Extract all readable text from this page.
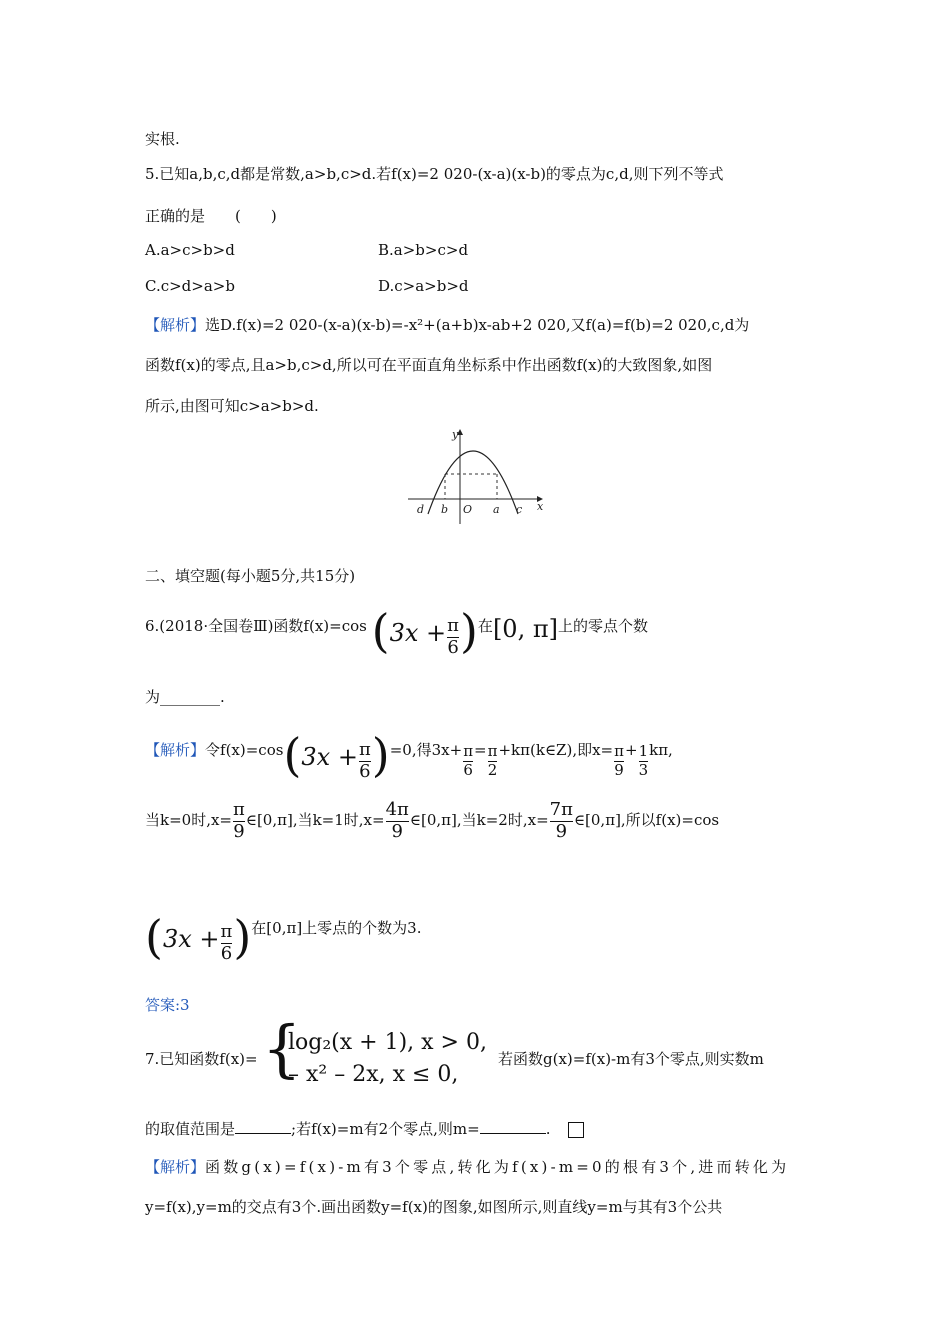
实根.
5.已知a,b,c,d都是常数,a>b,c>d.若f(x)=2 020-(x-a)(x-b)的零点为c,d,则下列不等式
正确的是　　(　　)
A.a>c>b>d	B.a>b>c>d
C.c>d>a>b	D.c>a>b>d
【解析】选D.f(x)=2 020-(x-a)(x-b)=-x²+(a+b)x-ab+2 020,又f(a)=f(b)=2 020,c,d为
函数f(x)的零点,且a>b,c>d,所以可在平面直角坐标系中作出函数f(x)的大致图象,如图
所示,由图可知c>a>b>d.
y
x
d b O a c
二、填空题(每小题5分,共15分)
6.(2018·全国卷Ⅲ)函数f(x)=cos ($3x + \frac{\pi}{6}$ )在[0, π]上的零点个数
为________.
【解析】令$f(x)=\cos(3x + \frac{\pi}{6} )=0$,得$3x+ \frac{\pi}{6} = \frac{\pi}{2}$ +kπ(k∈Z),即$x= \frac{\pi}{9} + \frac{1}{3} k\pi$,
当k=0时$,x= \frac{\pi}{9}$ ∈[0,π],当k=1时$,x= \frac{4\pi}{9}$ ∈[0,π],当k=2时$,x= \frac{7\pi}{9}$ ∈[0,π],所以f(x)=cos
($3x + \frac{\pi}{6}$ )在[0,π]上零点的个数为3.
答案:3
7.已知函数f(x)= {
log₂(x + 1), x > 0,
– x² – 2x, x ≤ 0,
若函数g(x)=f(x)-m有3个零点,则实数m
的取值范围是	;若f(x)=m有2个零点,则m=	.
【解析】函数g(x)=f(x)-m有3个零点,转化为f(x)-m=0的根有3个,进而转化为
y=f(x),y=m的交点有3个.画出函数y=f(x)的图象,如图所示,则直线y=m与其有3个公共
